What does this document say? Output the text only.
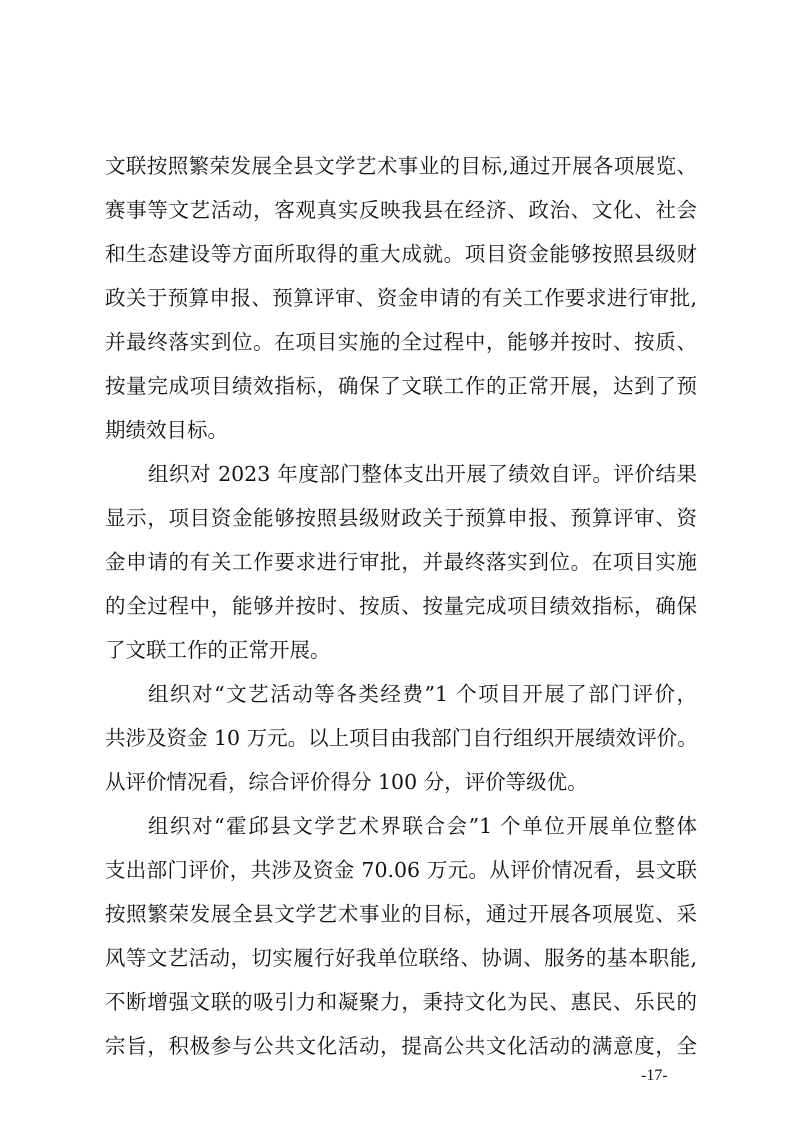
文联按照繁荣发展全县文学艺术事业的目标,通过开展各项展览、
赛事等文艺活动，客观真实反映我县在经济、政治、文化、社会
和生态建设等方面所取得的重大成就。项目资金能够按照县级财
政关于预算申报、预算评审、资金申请的有关工作要求进行审批,
并最终落实到位。在项目实施的全过程中，能够并按时、按质、
按量完成项目绩效指标，确保了文联工作的正常开展，达到了预
期绩效目标。
组织对 2023 年度部门整体支出开展了绩效自评。评价结果
显示，项目资金能够按照县级财政关于预算申报、预算评审、资
金申请的有关工作要求进行审批，并最终落实到位。在项目实施
的全过程中，能够并按时、按质、按量完成项目绩效指标，确保
了文联工作的正常开展。
组织对“文艺活动等各类经费”1 个项目开展了部门评价，
共涉及资金 10 万元。以上项目由我部门自行组织开展绩效评价。
从评价情况看，综合评价得分 100 分，评价等级优。
组织对“霍邱县文学艺术界联合会”1 个单位开展单位整体
支出部门评价，共涉及资金 70.06 万元。从评价情况看，县文联
按照繁荣发展全县文学艺术事业的目标，通过开展各项展览、采
风等文艺活动，切实履行好我单位联络、协调、服务的基本职能,
不断增强文联的吸引力和凝聚力，秉持文化为民、惠民、乐民的
宗旨，积极参与公共文化活动，提高公共文化活动的满意度，全
-17-
